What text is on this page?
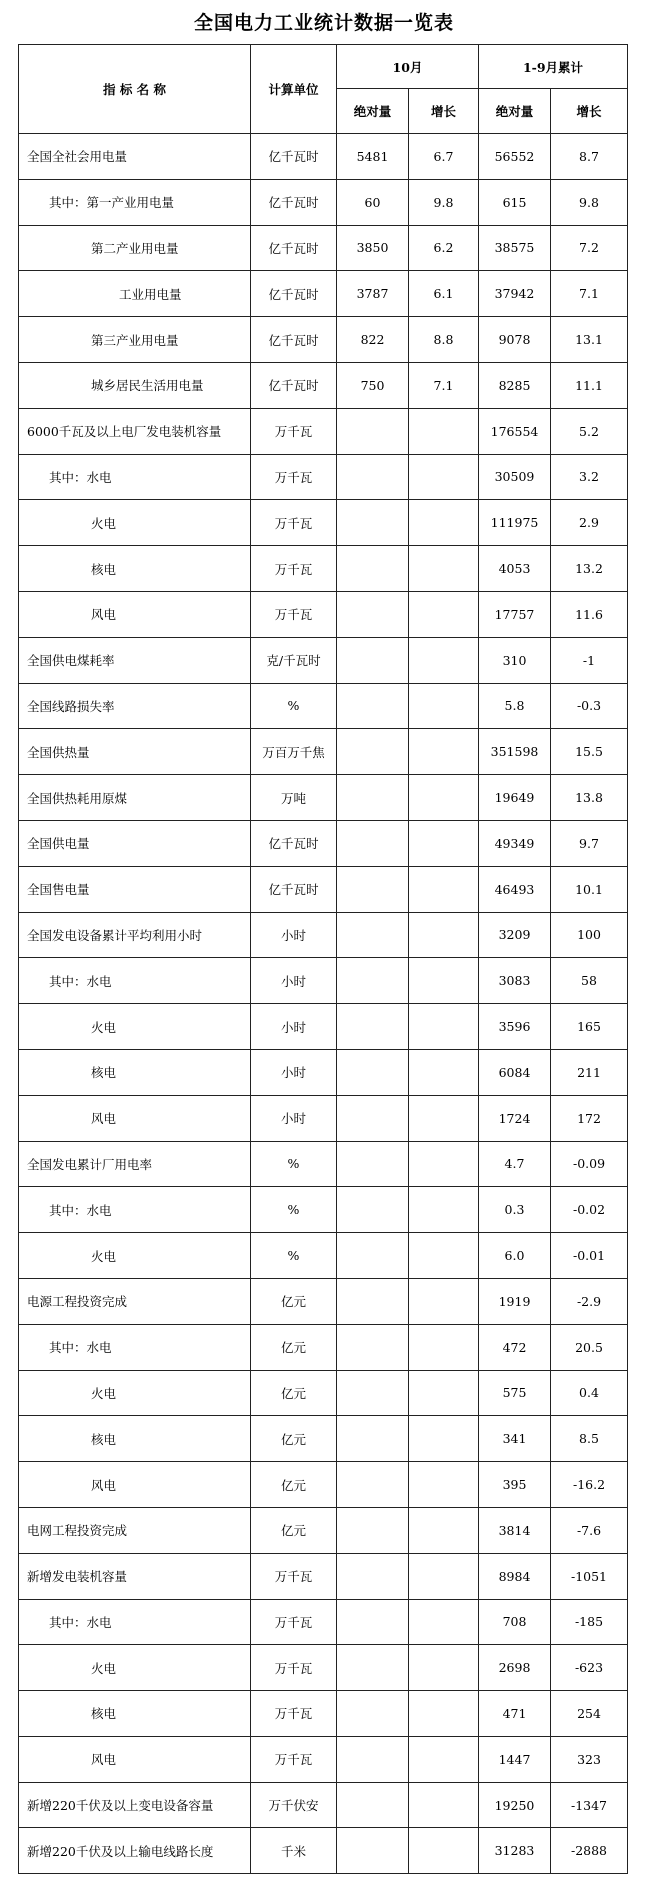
全国电力工业统计数据一览表
指 标 名 称	计算单位	10月		1-9月累计	
		绝对量	增长	绝对量	增长
全国全社会用电量	亿千瓦时	5481	6.7	56552	8.7
其中：第一产业用电量	亿千瓦时	60	9.8	615	9.8
第二产业用电量	亿千瓦时	3850	6.2	38575	7.2
工业用电量	亿千瓦时	3787	6.1	37942	7.1
第三产业用电量	亿千瓦时	822	8.8	9078	13.1
城乡居民生活用电量	亿千瓦时	750	7.1	8285	11.1
6000千瓦及以上电厂发电装机容量	万千瓦			176554	5.2
其中：水电	万千瓦			30509	3.2
火电	万千瓦			111975	2.9
核电	万千瓦			4053	13.2
风电	万千瓦			17757	11.6
全国供电煤耗率	克/千瓦时			310	-1
全国线路损失率	%			5.8	-0.3
全国供热量	万百万千焦			351598	15.5
全国供热耗用原煤	万吨			19649	13.8
全国供电量	亿千瓦时			49349	9.7
全国售电量	亿千瓦时			46493	10.1
全国发电设备累计平均利用小时	小时			3209	100
其中：水电	小时			3083	58
火电	小时			3596	165
核电	小时			6084	211
风电	小时			1724	172
全国发电累计厂用电率	%			4.7	-0.09
其中：水电	%			0.3	-0.02
火电	%			6.0	-0.01
电源工程投资完成	亿元			1919	-2.9
其中：水电	亿元			472	20.5
火电	亿元			575	0.4
核电	亿元			341	8.5
风电	亿元			395	-16.2
电网工程投资完成	亿元			3814	-7.6
新增发电装机容量	万千瓦			8984	-1051
其中：水电	万千瓦			708	-185
火电	万千瓦			2698	-623
核电	万千瓦			471	254
风电	万千瓦			1447	323
新增220千伏及以上变电设备容量	万千伏安			19250	-1347
新增220千伏及以上输电线路长度	千米			31283	-2888
